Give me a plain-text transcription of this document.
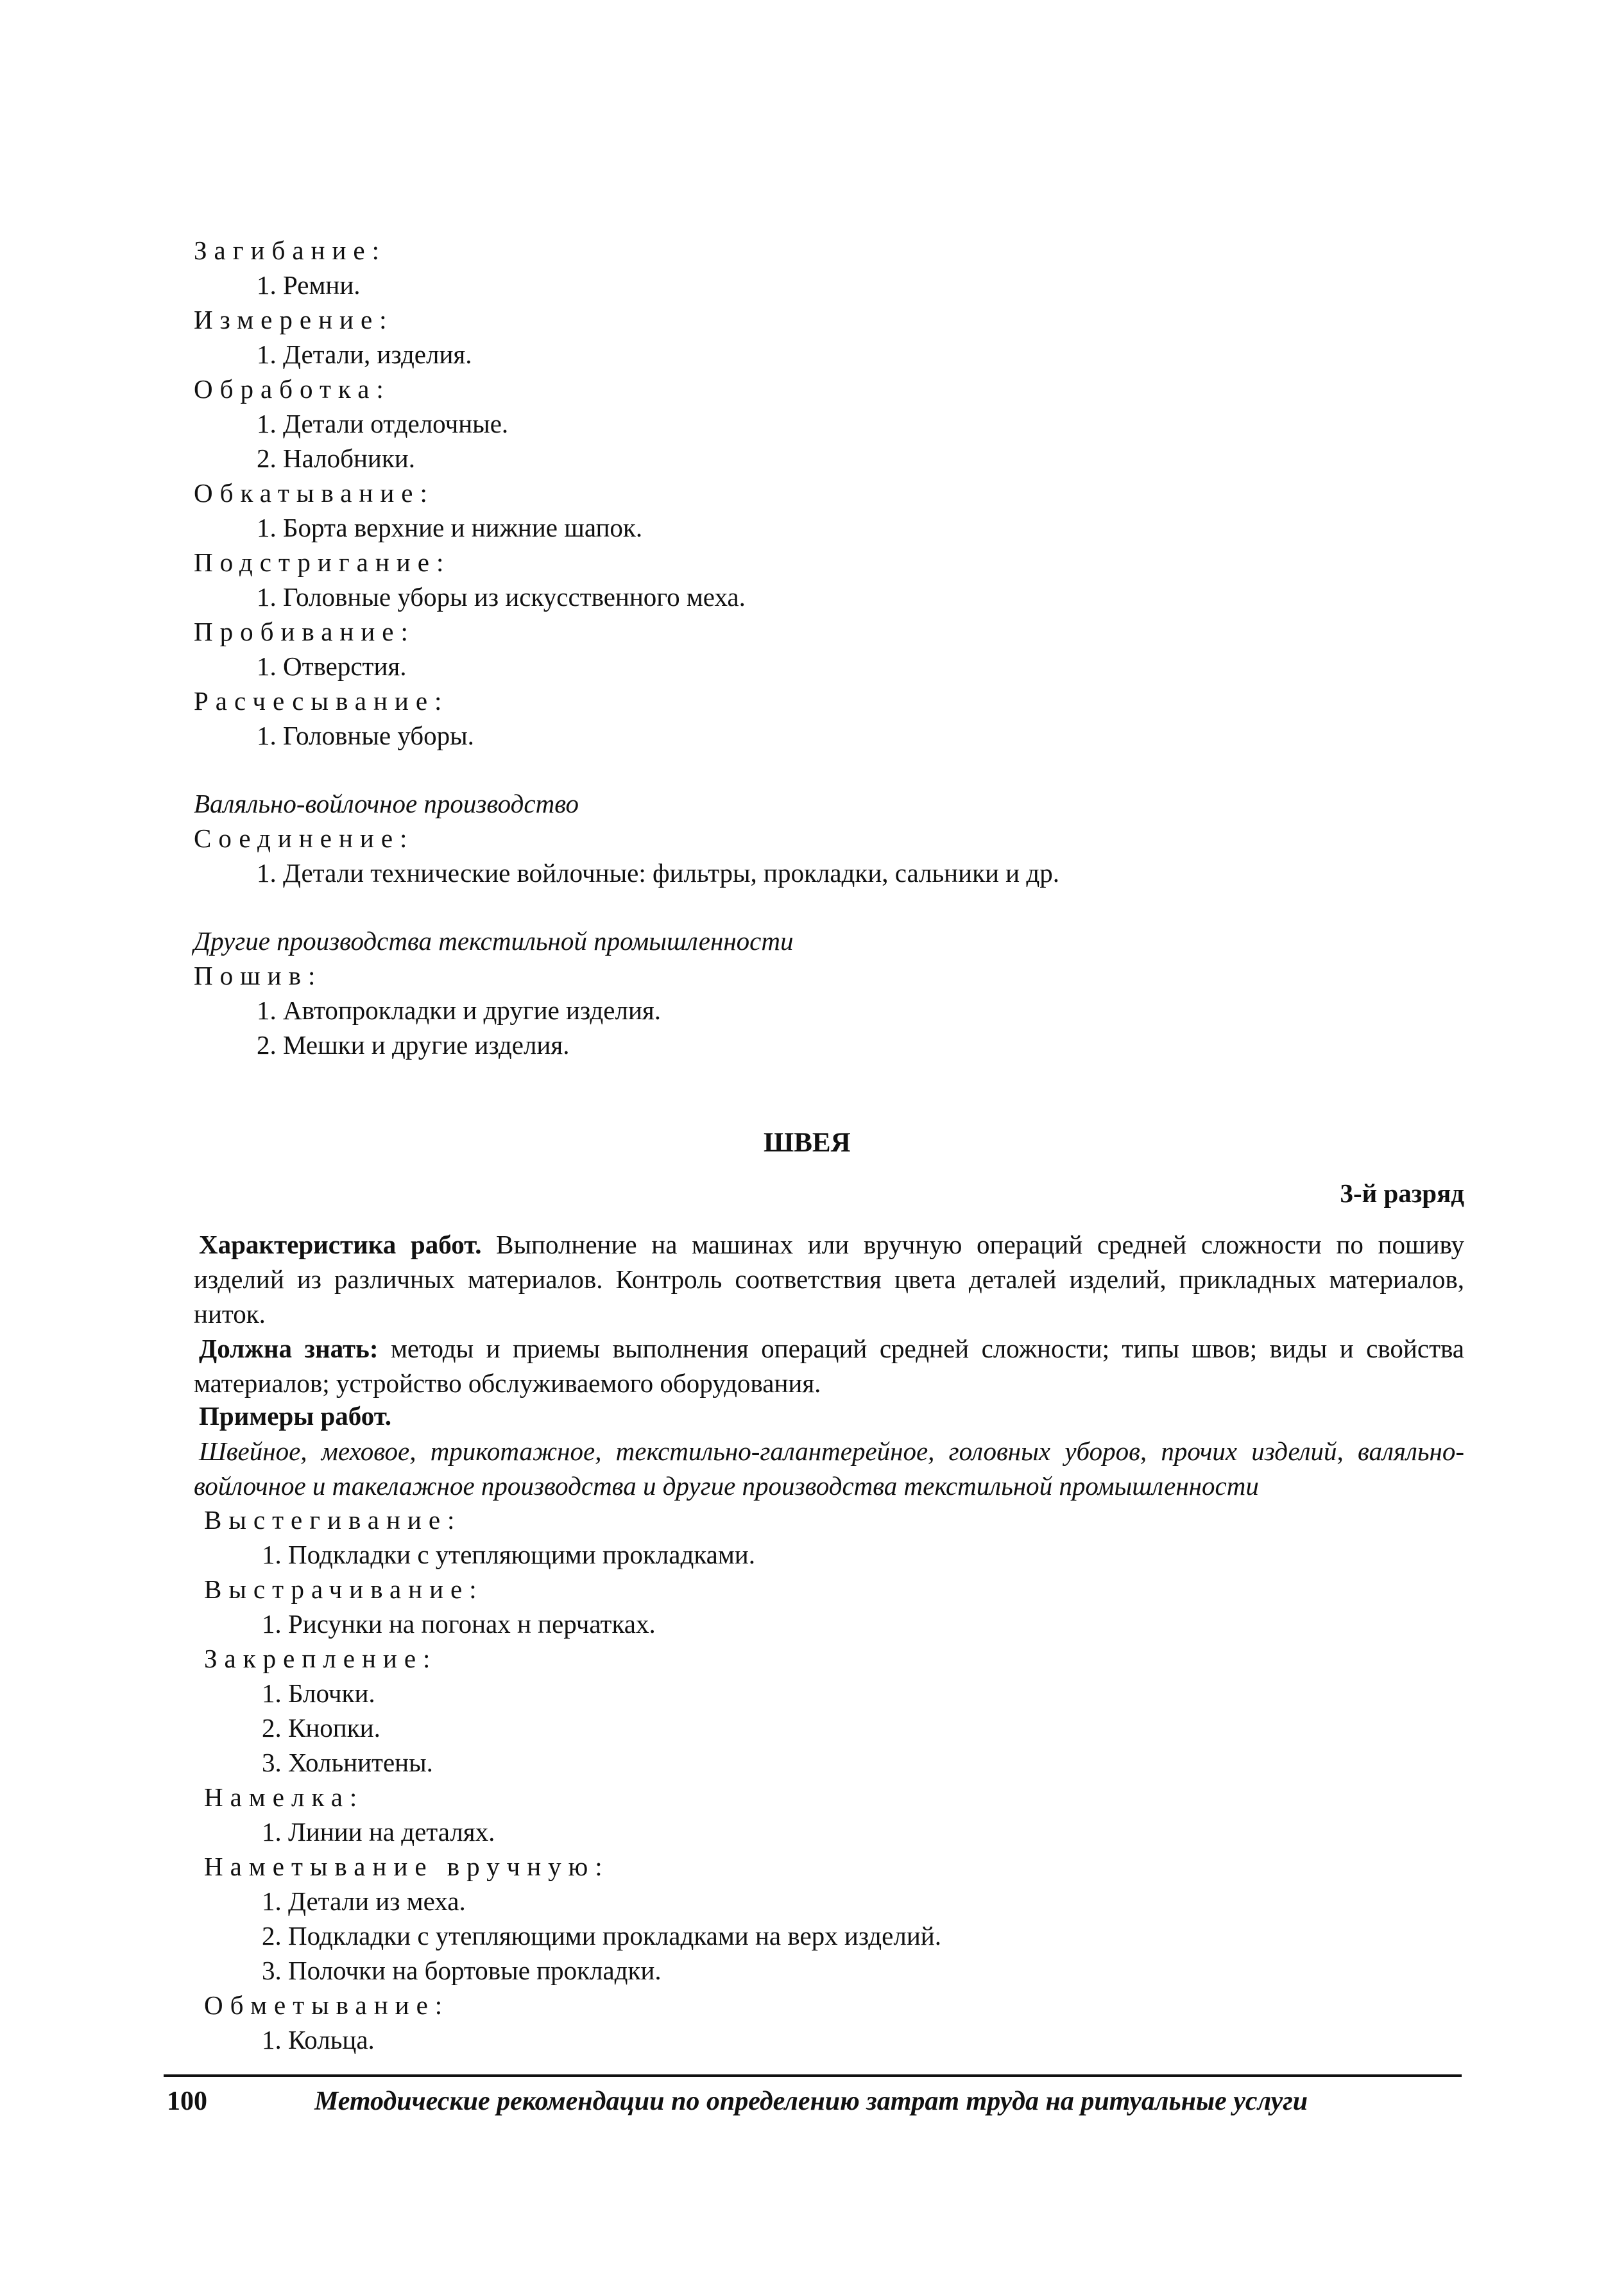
Загибание:
1. Ремни.
Измерение:
1. Детали, изделия.
Обработка:
1. Детали отделочные.
2. Налобники.
Обкатывание:
1. Борта верхние и нижние шапок.
Подстригание:
1. Головные уборы из искусственного меха.
Пробивание:
1. Отверстия.
Расчесывание:
1. Головные уборы.
Валяльно-войлочное производство
Соединение:
1. Детали технические войлочные: фильтры, прокладки, сальники и др.
Другие производства текстильной промышленности
Пошив:
1. Автопрокладки и другие изделия.
2. Мешки и другие изделия.
ШВЕЯ
3-й разряд
Характеристика работ. Выполнение на машинах или вручную операций средней сложности по пошиву изделий из различных материалов. Контроль соответствия цвета деталей изделий, прикладных материалов, ниток.
Должна знать: методы и приемы выполнения операций средней сложности; типы швов; виды и свойства материалов; устройство обслуживаемого оборудования.
Примеры работ.
Швейное, меховое, трикотажное, текстильно-галантерейное, головных уборов, прочих изделий, валяльно-войлочное и такелажное производства и другие производства текстильной промышленности
Выстегивание:
1. Подкладки с утепляющими прокладками.
Выстрачивание:
1. Рисунки на погонах н перчатках.
Закрепление:
1. Блочки.
2. Кнопки.
3. Хольнитены.
Намелка:
1. Линии на деталях.
Наметывание вручную:
1. Детали из меха.
2. Подкладки с утепляющими прокладками на верх изделий.
3. Полочки на бортовые прокладки.
Обметывание:
1. Кольца.
100	Методические рекомендации по определению затрат труда на ритуальные услуги
